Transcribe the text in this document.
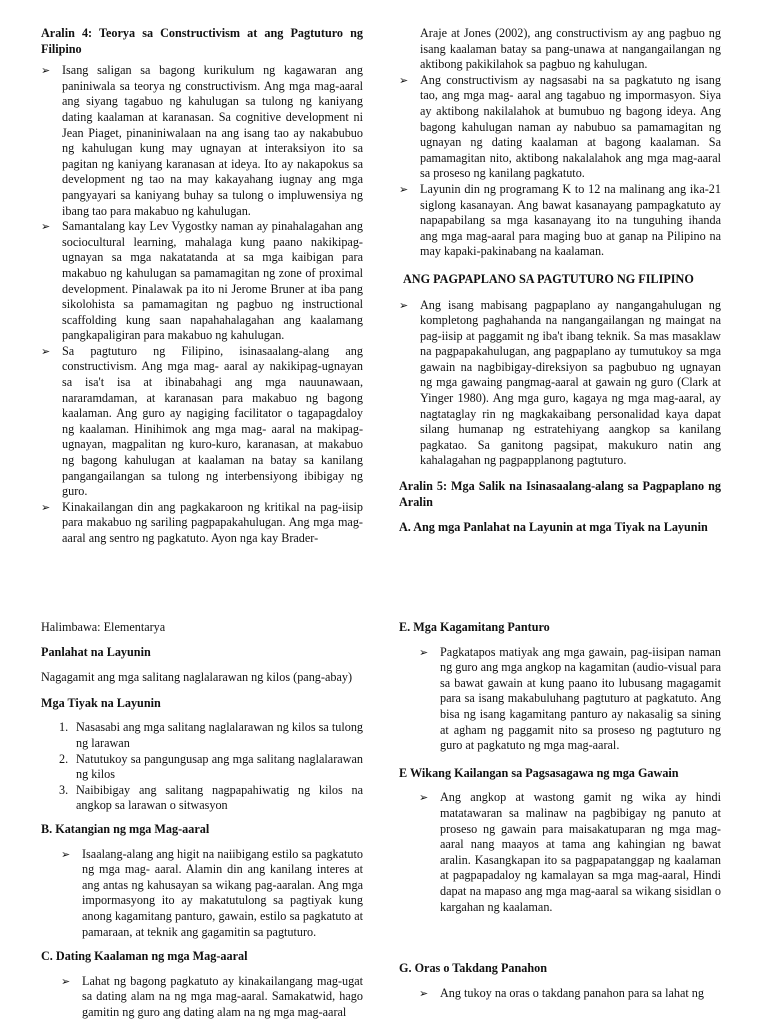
Aralin 4: Teorya sa Constructivism at ang Pagtuturo ng Filipino
➢ Isang saligan sa bagong kurikulum ng kagawaran ang paniniwala sa teorya ng constructivism. Ang mga mag-aaral ang siyang tagabuo ng kahulugan sa tulong ng kaniyang dating kaalaman at karanasan. Sa cognitive development ni Jean Piaget, pinaniniwalaan na ang isang tao ay nakabubuo ng kahulugan kung may ugnayan at interaksiyon ito sa pagitan ng kaniyang karanasan at ideya. Ito ay nakapokus sa development ng tao na may kakayahang iugnay ang mga pangyayari sa kaniyang buhay sa tulong o impluwensiya ng ibang tao para makabuo ng kahulugan.
➢ Samantalang kay Lev Vygostky naman ay pinahalagahan ang sociocultural learning, mahalaga kung paano nakikipag-ugnayan sa mga nakatatanda at sa mga kaibigan para makabuo ng kahulugan sa pamamagitan ng zone of proximal development. Pinalawak pa ito ni Jerome Bruner at iba pang sikolohista sa pamamagitan ng pagbuo ng instructional scaffolding kung saan napahahalagahan ang kaalamang pangkapaligiran para makabuo ng kahulugan.
➢ Sa pagtuturo ng Filipino, isinasaalang-alang ang constructivism. Ang mga mag- aaral ay nakikipag-ugnayan sa isa't isa at ibinabahagi ang mga nauunawaan, nararamdaman, at karanasan para makabuo ng bagong kaalaman. Ang guro ay nagiging facilitator o tagapagdaloy ng kaalaman. Hinihimok ang mga mag- aaral na makipag-ugnayan, magpalitan ng kuro-kuro, karanasan, at makabuo ng bagong kahulugan at kaalaman na batay sa kanilang pangangailangan sa tulong ng interbensiyong ibibigay ng guro.
➢ Kinakailangan din ang pagkakaroon ng kritikal na pag-iisip para makabuo ng sariling pagpapakahulugan. Ang mga mag-aaral ang sentro ng pagkatuto. Ayon nga kay Brader-
Araje at Jones (2002), ang constructivism ay ang pagbuo ng isang kaalaman batay sa pang-unawa at nangangailangan ng aktibong pakikilahok sa pagbuo ng kahulugan.
➢ Ang constructivism ay nagsasabi na sa pagkatuto ng isang tao, ang mga mag- aaral ang tagabuo ng impormasyon. Siya ay aktibong nakilalahok at bumubuo ng bagong ideya. Ang bagong kahulugan naman ay nabubuo sa pamamagitan ng ugnayan ng dating kaalaman at bagong kaalaman. Sa pamamagitan nito, aktibong nakalalahok ang mga mag-aaral sa proseso ng kanilang pagkatuto.
➢ Layunin din ng programang K to 12 na malinang ang ika-21 siglong kasanayan. Ang bawat kasanayang pampagkatuto ay napapabilang sa mga kasanayang ito na tunguhing ihanda ang mga mag-aaral para maging buo at ganap na Pilipino na may kapaki-pakinabang na kaalaman.
ANG PAGPAPLANO SA PAGTUTURO NG FILIPINO
➢ Ang isang mabisang pagpaplano ay nangangahulugan ng kompletong paghahanda na nangangailangan ng maingat na pag-iisip at paggamit ng iba't ibang teknik. Sa mas masaklaw na pagpapakahulugan, ang pagpaplano ay tumutukoy sa mga gawain na nagbibigay-direksiyon sa pagbubuo ng ugnayan ng mga gawaing pangmag-aaral at gawain ng guro (Clark at Yinger 1980). Ang mga guro, kagaya ng mga mag-aaral, ay nagtataglay rin ng magkakaibang personalidad kaya dapat silang humanap ng estratehiyang aangkop sa kanilang pagkatao. Sa ganitong pagsipat, makukuro natin ang kahalagahan ng pagpapplanong pagtuturo.
Aralin 5: Mga Salik na Isinasaalang-alang sa Pagpaplano ng Aralin
A. Ang mga Panlahat na Layunin at mga Tiyak na Layunin
Halimbawa: Elementarya
Panlahat na Layunin
Nagagamit ang mga salitang naglalarawan ng kilos (pang-abay)
Mga Tiyak na Layunin
1. Nasasabi ang mga salitang naglalarawan ng kilos sa tulong ng larawan
2. Natutukoy sa pangungusap ang mga salitang naglalarawan ng kilos
3. Naibibigay ang salitang nagpapahiwatig ng kilos na angkop sa larawan o sitwasyon
B. Katangian ng mga Mag-aaral
➢ Isaalang-alang ang higit na naiibigang estilo sa pagkatuto ng mga mag- aaral. Alamin din ang kanilang interes at ang antas ng kahusayan sa wikang pag-aaralan. Ang mga impormasyong ito ay makatutulong sa pagtiyak kung anong kagamitang panturo, gawain, estilo sa pagkatuto at pamaraan, at teknik ang gagamitin sa pagtuturo.
C. Dating Kaalaman ng mga Mag-aaral
➢ Lahat ng bagong pagkatuto ay kinakailangang mag-ugat sa dating alam na ng mga mag-aaral. Samakatwid, hago gamitin ng guro ang dating alam na ng mga mag-aaral
E. Mga Kagamitang Panturo
➢ Pagkatapos matiyak ang mga gawain, pag-iisipan naman ng guro ang mga angkop na kagamitan (audio-visual para sa bawat gawain at kung paano ito lubusang magagamit para sa isang makabuluhang pagtuturo at pagkatuto. Ang bisa ng isang kagamitang panturo ay nakasalig sa sining at agham ng paggamit nito sa proseso ng pagtuturo ng guro at pagkatuto ng mga mag-aaral.
E Wikang Kailangan sa Pagsasagawa ng mga Gawain
➢ Ang angkop at wastong gamit ng wika ay hindi matatawaran sa malinaw na pagbibigay ng panuto at proseso ng gawain para maisakatuparan ng mga mag-aaral nang maayos at tama ang kahingian ng bawat aralin. Kasangkapan ito sa pagpapatanggap ng kaalaman at pagpapadaloy ng kamalayan sa mga mag-aaral, Hindi dapat na mapaso ang mga mag-aaral sa wikang sisidlan o kargahan ng kaalaman.
G. Oras o Takdang Panahon
➢ Ang tukoy na oras o takdang panahon para sa lahat ng
